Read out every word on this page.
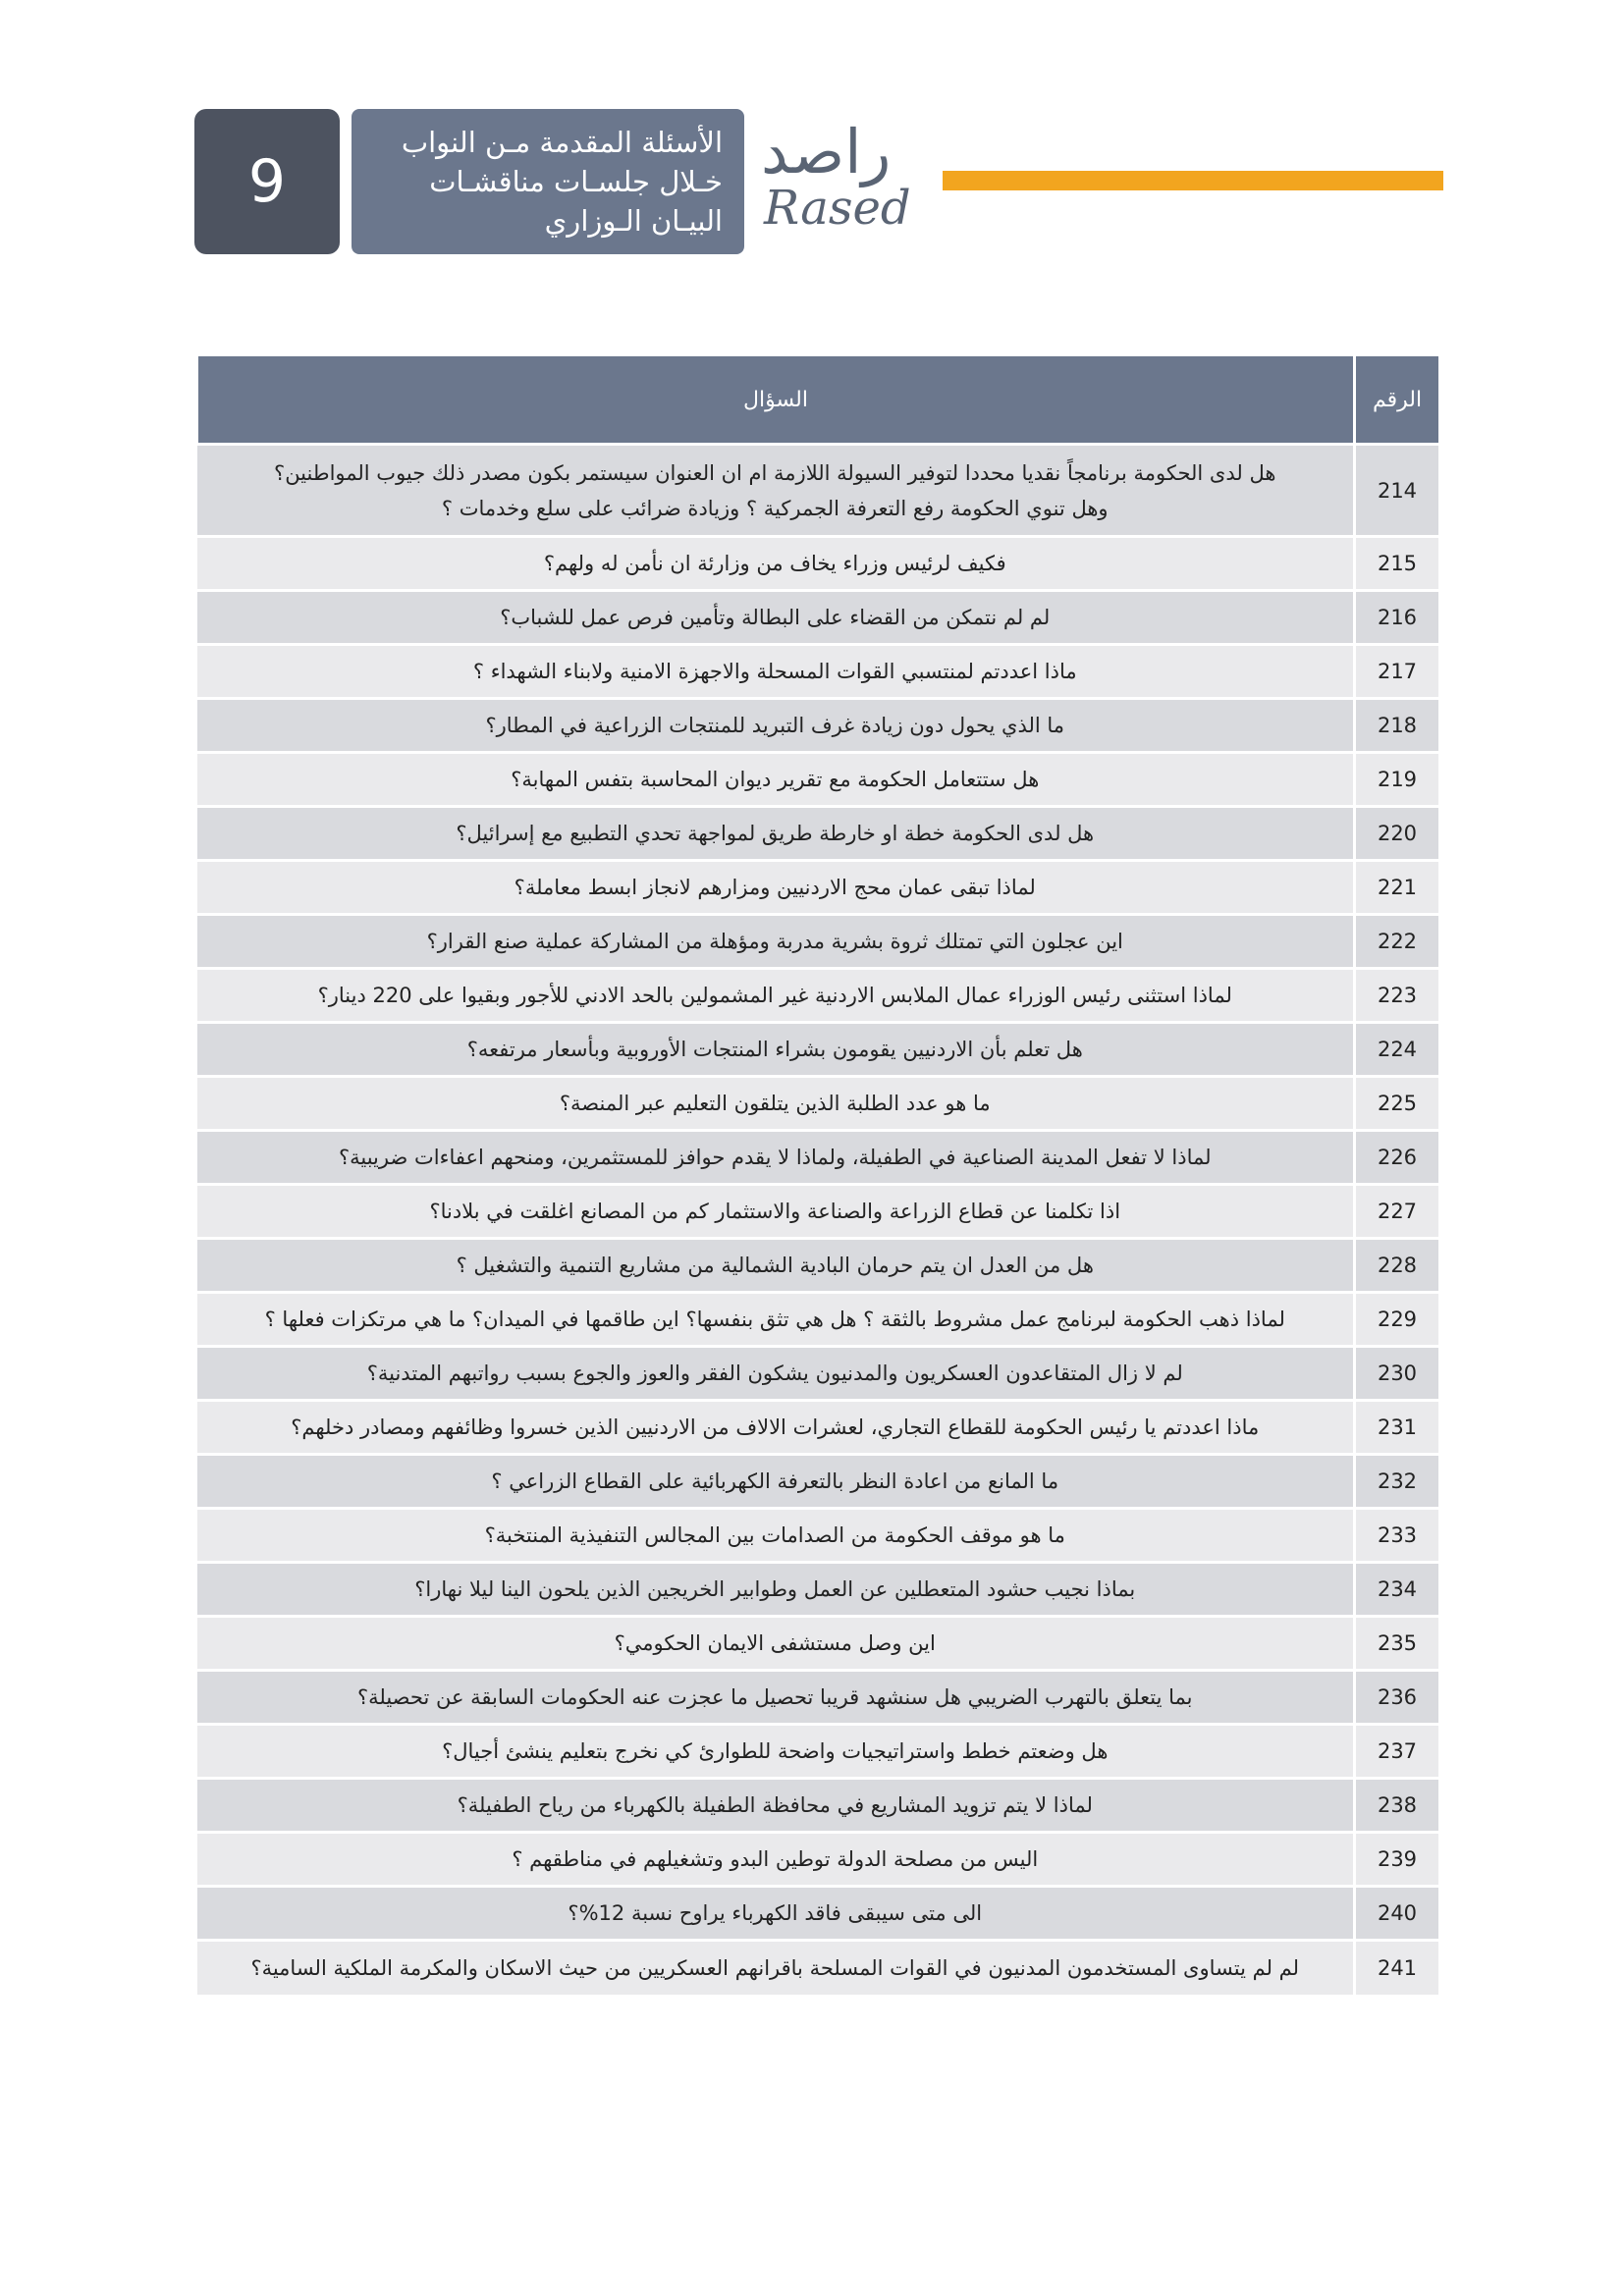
9
الأسئلة المقدمة مـن النواب
خـلال جلسـات مناقشـات
البيـان الـوزاري
راصد
Rased
الرقم	السؤال
214	هل لدى الحكومة برنامجاً نقديا محددا لتوفير السيولة اللازمة ام ان العنوان سيستمر بكون مصدر ذلك جيوب المواطنين؟
وهل تنوي الحكومة رفع التعرفة الجمركية ؟ وزيادة ضرائب على سلع وخدمات ؟
215	فكيف لرئيس وزراء يخاف من وزارئة ان نأمن له ولهم؟
216	لم لم نتمكن من القضاء على البطالة وتأمين فرص عمل للشباب؟
217	ماذا اعددتم لمنتسبي القوات المسحلة والاجهزة الامنية ولابناء الشهداء ؟
218	ما الذي يحول دون زيادة غرف التبريد للمنتجات الزراعية في المطار؟
219	هل ستتعامل الحكومة مع تقرير ديوان المحاسبة بتفس المهابة؟
220	هل لدى الحكومة خطة او خارطة طريق لمواجهة تحدي التطبيع مع إسرائيل؟
221	لماذا تبقى عمان محج الاردنيين ومزارهم لانجاز ابسط معاملة؟
222	اين عجلون التي تمتلك ثروة بشرية مدربة ومؤهلة من المشاركة عملية صنع القرار؟
223	لماذا استثنى رئيس الوزراء عمال الملابس الاردنية غير المشمولين بالحد الادني للأجور وبقيوا على 220 دينار؟
224	هل تعلم بأن الاردنيين يقومون بشراء المنتجات الأوروبية وبأسعار مرتفعه؟
225	ما هو عدد الطلبة الذين يتلقون التعليم عبر المنصة؟
226	لماذا لا تفعل المدينة الصناعية في الطفيلة، ولماذا لا يقدم حوافز للمستثمرين، ومنحهم اعفاءات ضريبية؟
227	اذا تكلمنا عن قطاع الزراعة والصناعة والاستثمار كم من المصانع اغلقت في بلادنا؟
228	هل من العدل ان يتم حرمان البادية الشمالية من مشاريع التنمية والتشغيل ؟
229	لماذا ذهب الحكومة لبرنامج عمل مشروط بالثقة ؟ هل هي تثق بنفسها؟ اين طاقمها في الميدان؟ ما هي مرتكزات فعلها ؟
230	لم لا زال المتقاعدون العسكريون والمدنيون يشكون الفقر والعوز والجوع بسبب رواتبهم المتدنية؟
231	ماذا اعددتم يا رئيس الحكومة للقطاع التجاري، لعشرات الالاف من الاردنيين الذين خسروا وظائفهم ومصادر دخلهم؟
232	ما المانع من اعادة النظر بالتعرفة الكهربائية على القطاع الزراعي ؟
233	ما هو موقف الحكومة من الصدامات بين المجالس التنفيذية المنتخبة؟
234	بماذا نجيب حشود المتعطلين عن العمل وطوابير الخريجين الذين يلحون الينا ليلا نهارا؟
235	اين وصل مستشفى الايمان الحكومي؟
236	بما يتعلق بالتهرب الضريبي هل سنشهد قريبا تحصيل ما عجزت عنه الحكومات السابقة عن تحصيلة؟
237	هل وضعتم خطط واستراتيجيات واضحة للطوارئ كي نخرج بتعليم ينشئ أجيال؟
238	لماذا لا يتم تزويد المشاريع في محافظة الطفيلة بالكهرباء من رياح الطفيلة؟
239	اليس من مصلحة الدولة توطين البدو وتشغيلهم في مناطقهم ؟
240	الى متى سيبقى فاقد الكهرباء يراوح نسبة 12%؟
241	لم لم يتساوى المستخدمون المدنيون في القوات المسلحة باقرانهم العسكريين من حيث الاسكان والمكرمة الملكية السامية؟
